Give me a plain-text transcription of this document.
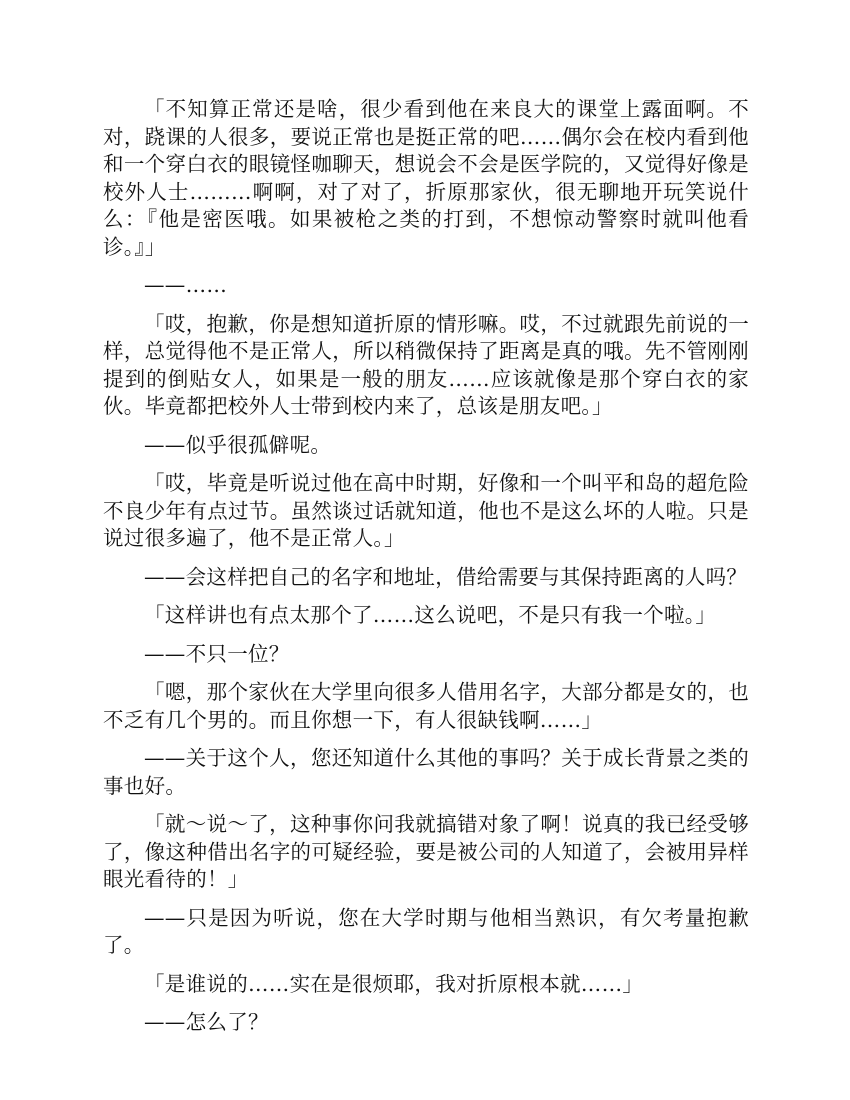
「不知算正常还是啥，很少看到他在来良大的课堂上露面啊。不对，跷课的人很多，要说正常也是挺正常的吧……偶尔会在校内看到他和一个穿白衣的眼镜怪咖聊天，想说会不会是医学院的，又觉得好像是校外人士………啊啊，对了对了，折原那家伙，很无聊地开玩笑说什么：『他是密医哦。如果被枪之类的打到，不想惊动警察时就叫他看诊。』」

——……

「哎，抱歉，你是想知道折原的情形嘛。哎，不过就跟先前说的一样，总觉得他不是正常人，所以稍微保持了距离是真的哦。先不管刚刚提到的倒贴女人，如果是一般的朋友……应该就像是那个穿白衣的家伙。毕竟都把校外人士带到校内来了，总该是朋友吧。」

——似乎很孤僻呢。

「哎，毕竟是听说过他在高中时期，好像和一个叫平和岛的超危险不良少年有点过节。虽然谈过话就知道，他也不是这么坏的人啦。只是说过很多遍了，他不是正常人。」

——会这样把自己的名字和地址，借给需要与其保持距离的人吗？

「这样讲也有点太那个了……这么说吧，不是只有我一个啦。」

——不只一位？

「嗯，那个家伙在大学里向很多人借用名字，大部分都是女的，也不乏有几个男的。而且你想一下，有人很缺钱啊……」

——关于这个人，您还知道什么其他的事吗？关于成长背景之类的事也好。

「就～说～了，这种事你问我就搞错对象了啊！说真的我已经受够了，像这种借出名字的可疑经验，要是被公司的人知道了，会被用异样眼光看待的！」

——只是因为听说，您在大学时期与他相当熟识，有欠考量抱歉了。

「是谁说的……实在是很烦耶，我对折原根本就……」

——怎么了？
